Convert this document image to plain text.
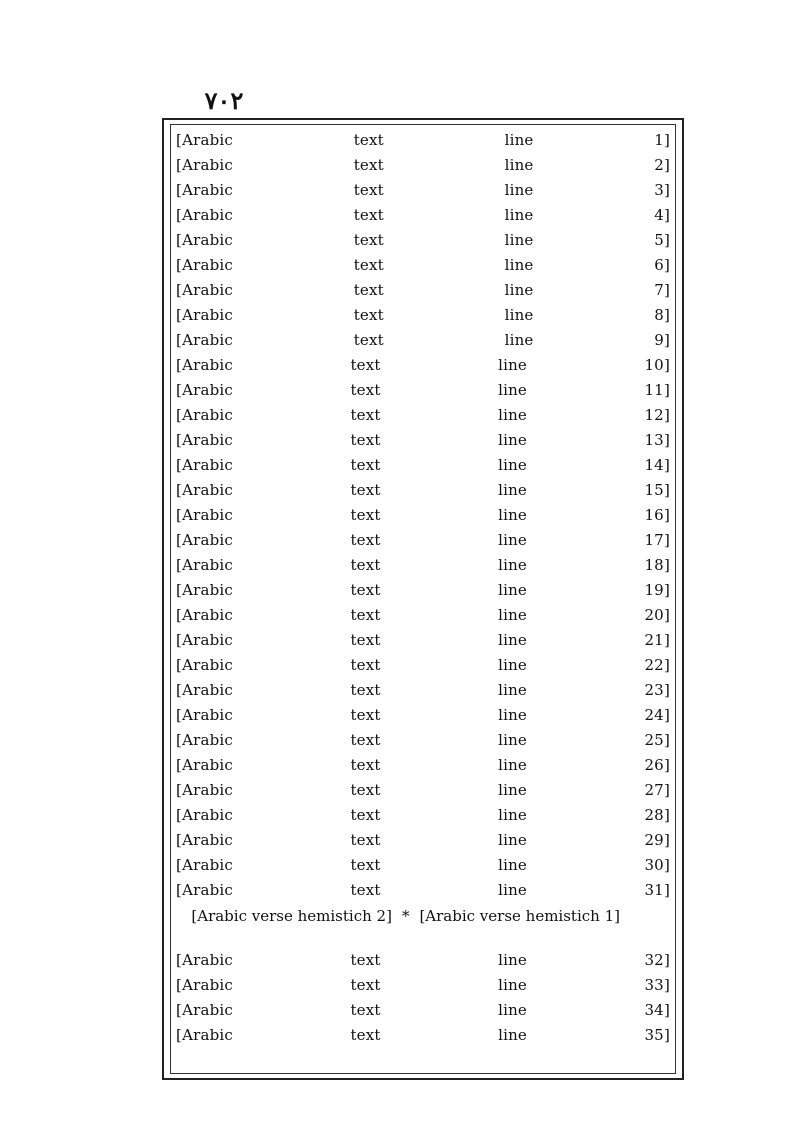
٧٠٢
[Arabic text line 1]
[Arabic text line 2]
[Arabic text line 3]
[Arabic text line 4]
[Arabic text line 5]
[Arabic text line 6]
[Arabic text line 7]
[Arabic text line 8]
[Arabic text line 9]
[Arabic text line 10]
[Arabic text line 11]
[Arabic text line 12]
[Arabic text line 13]
[Arabic text line 14]
[Arabic text line 15]
[Arabic text line 16]
[Arabic text line 17]
[Arabic text line 18]
[Arabic text line 19]
[Arabic text line 20]
[Arabic text line 21]
[Arabic text line 22]
[Arabic text line 23]
[Arabic text line 24]
[Arabic text line 25]
[Arabic text line 26]
[Arabic text line 27]
[Arabic text line 28]
[Arabic text line 29]
[Arabic text line 30]
[Arabic text line 31]
[Arabic text line 32]
[Arabic text line 33]
[Arabic text line 34]
[Arabic text line 35]
[Arabic verse hemistich 1]*[Arabic verse hemistich 2]
